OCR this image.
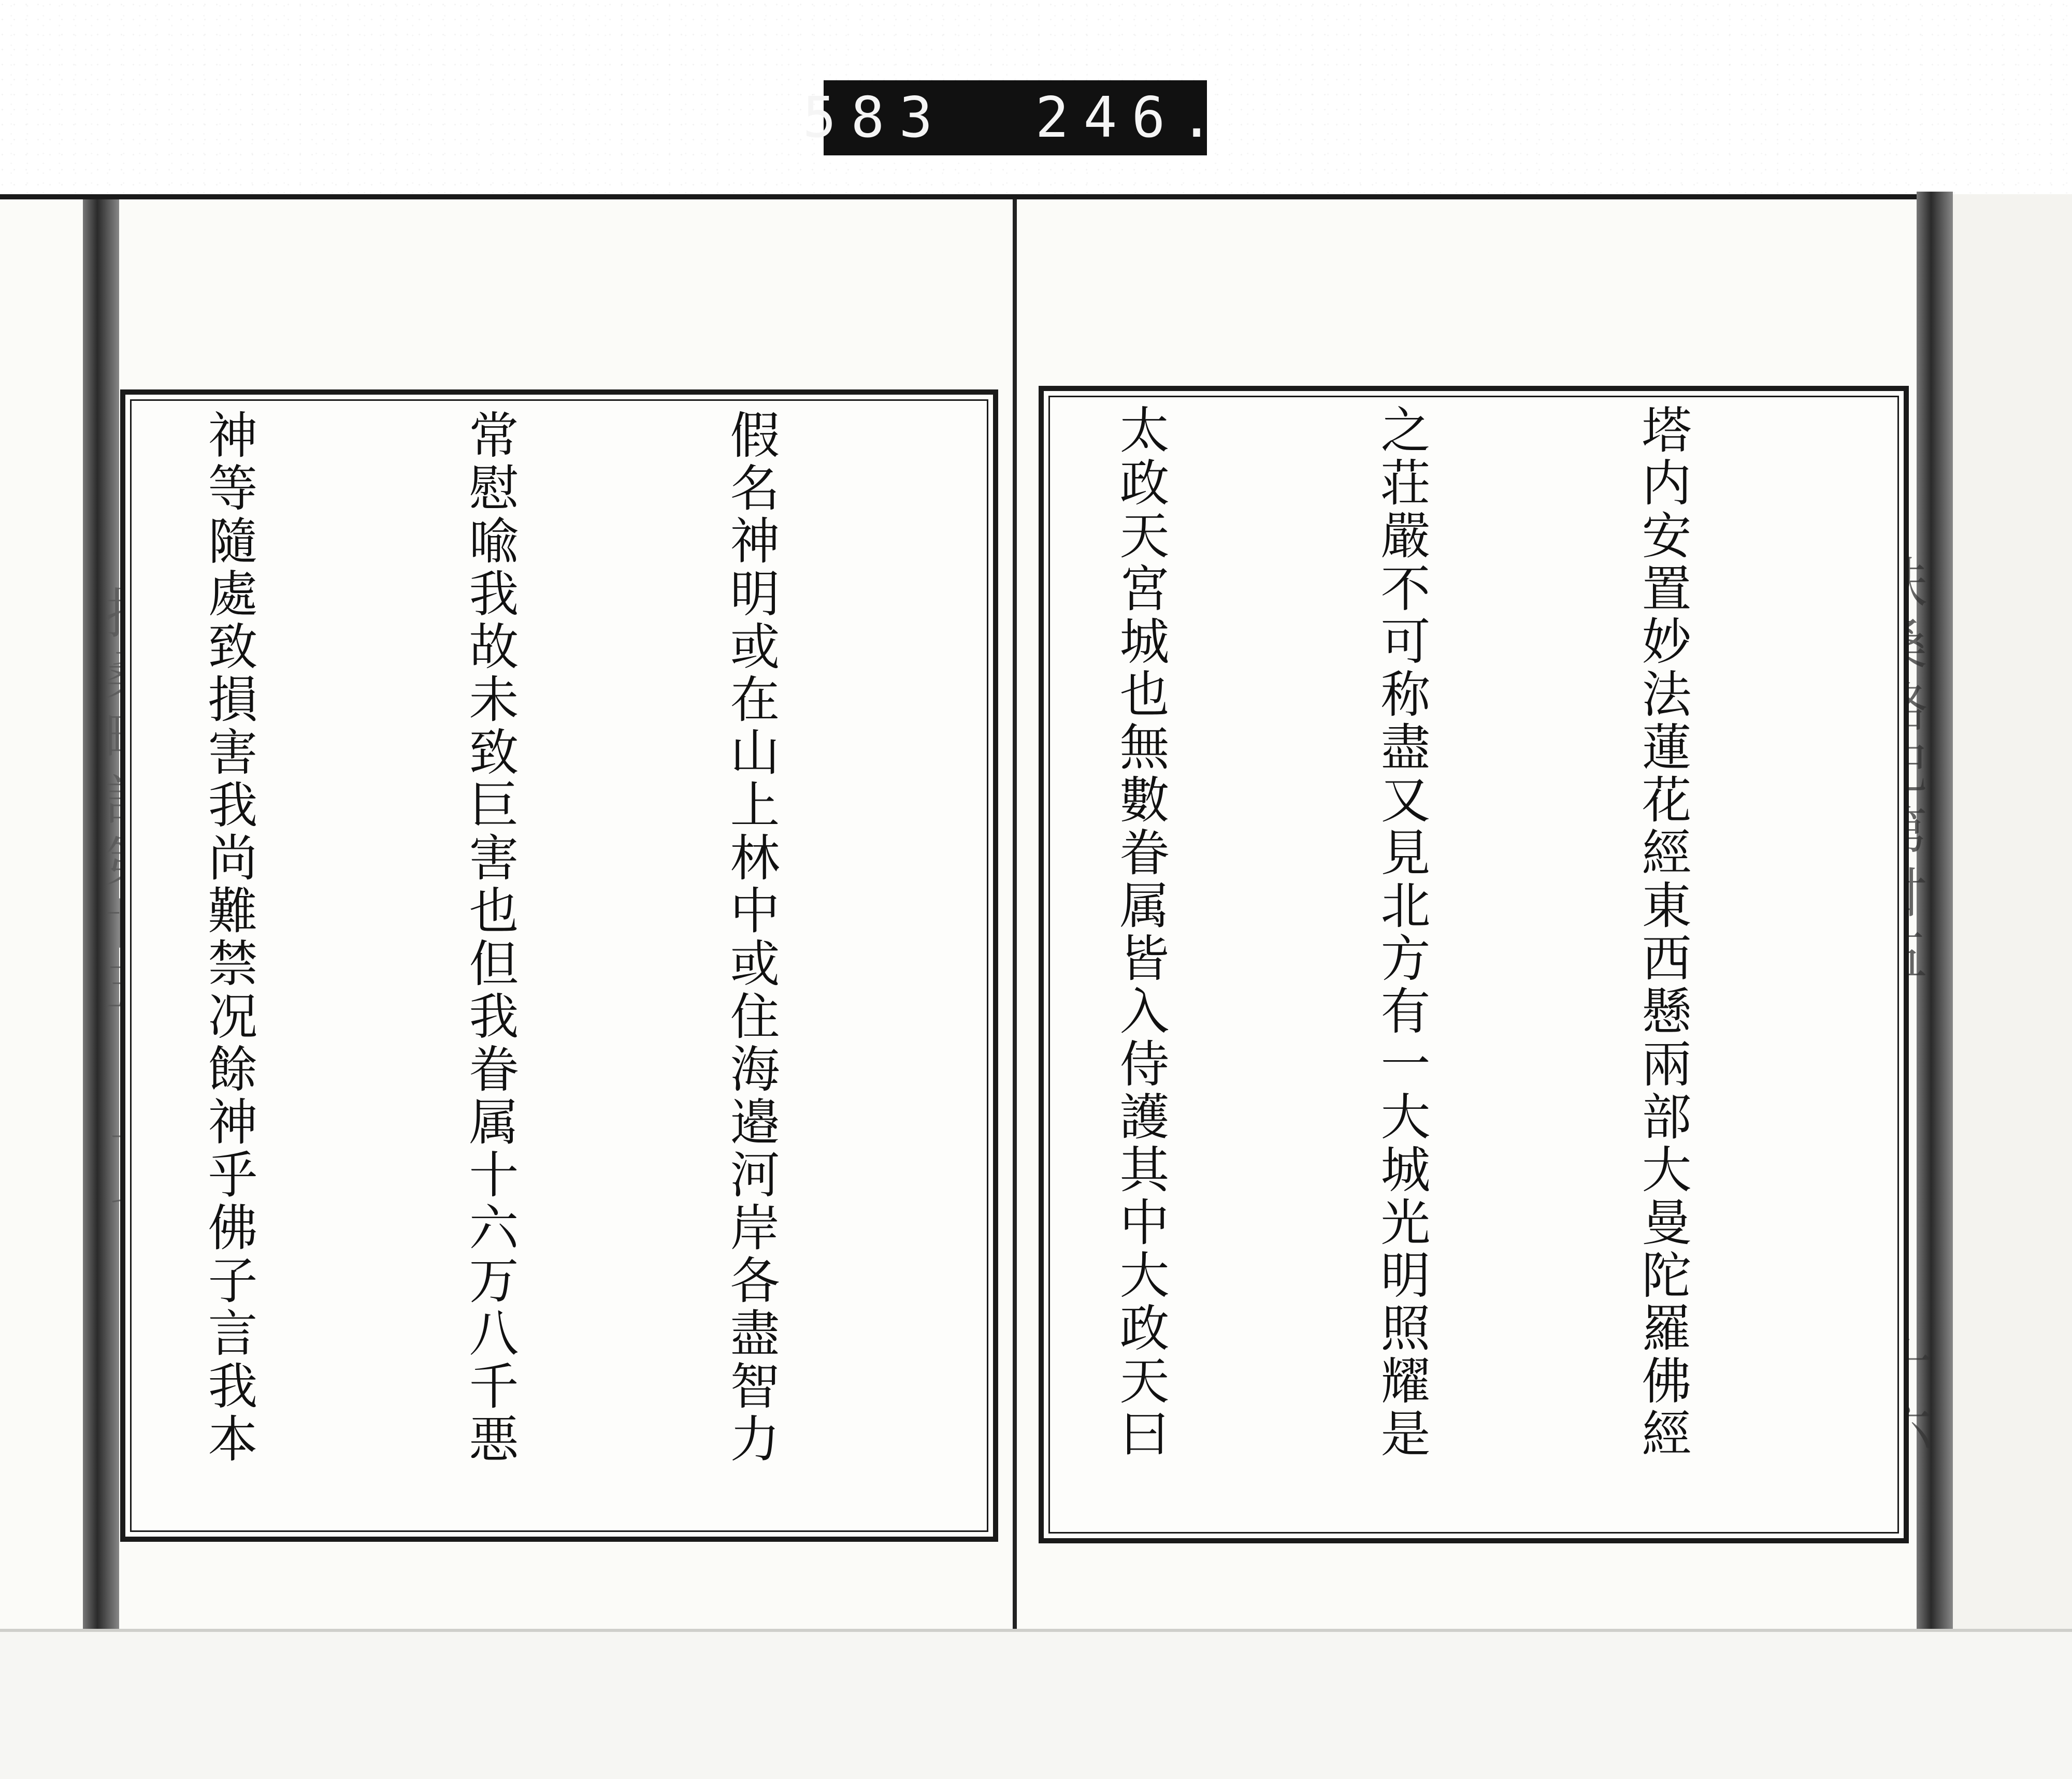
583 246.

假名神明或在山上林中或住海邉河岸各盡智力

常慰喩我故未致巨害也但我眷属十六万八千悪

神等隨處致損害我尚難禁况餘神乎佛子言我本

	塔内安置妙法蓮花經東西懸兩部大曼陀羅佛經

之荘嚴不可称盡又見北方有一大城光明照耀是

太政天宮城也無數眷属皆入侍護其中大政天曰
